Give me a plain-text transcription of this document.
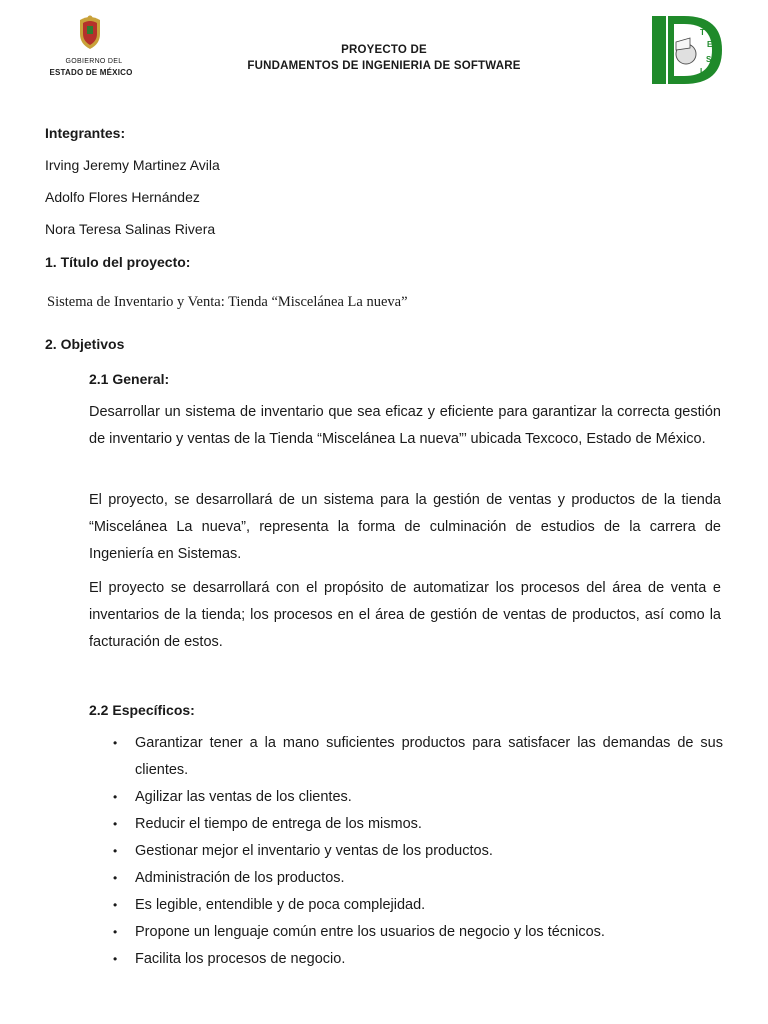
GOBIERNO DEL
ESTADO DE MÉXICO
PROYECTO DE
FUNDAMENTOS DE INGENIERIA DE SOFTWARE
T
E
S
I
Integrantes:
Irving Jeremy Martinez Avila
Adolfo Flores Hernández
Nora Teresa Salinas Rivera
1. Título del proyecto:
Sistema de Inventario y Venta: Tienda “Miscelánea La nueva”
2. Objetivos
2.1 General:
Desarrollar un sistema de inventario que sea eficaz y eficiente para garantizar la correcta gestión de inventario y ventas de la Tienda “Miscelánea La nueva”’ ubicada Texcoco, Estado de México.
El proyecto, se desarrollará de un sistema para la gestión de ventas y productos de la tienda “Miscelánea La nueva”, representa la forma de culminación de estudios de la carrera de Ingeniería en Sistemas.
El proyecto se desarrollará con el propósito de automatizar los procesos del área de venta e inventarios de la tienda; los procesos en el área de gestión de ventas de productos, así como la facturación de estos.
2.2 Específicos:
• Garantizar tener a la mano suficientes productos para satisfacer las demandas de sus clientes.
• Agilizar las ventas de los clientes.
• Reducir el tiempo de entrega de los mismos.
• Gestionar mejor el inventario y ventas de los productos.
• Administración de los productos.
• Es legible, entendible y de poca complejidad.
• Propone un lenguaje común entre los usuarios de negocio y los técnicos.
• Facilita los procesos de negocio.
